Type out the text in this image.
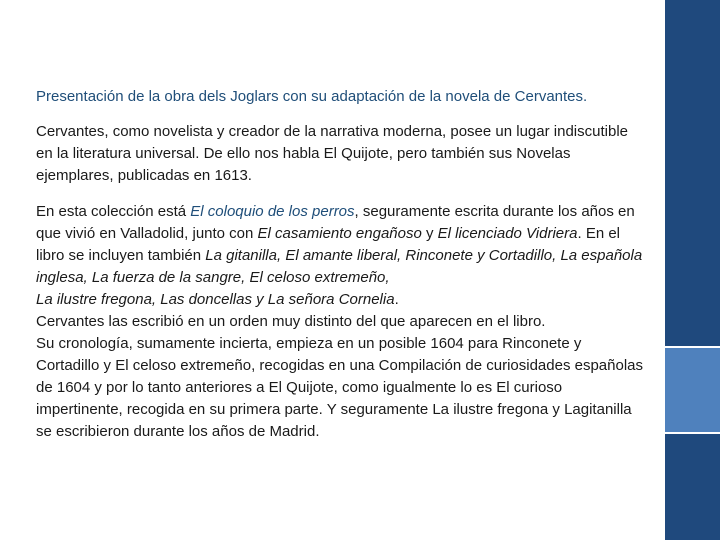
Presentación de la obra dels Joglars con su adaptación de la novela de Cervantes.
Cervantes, como novelista y creador de la narrativa moderna, posee un lugar indiscutible en la literatura universal. De ello nos habla El Quijote, pero también sus Novelas ejemplares, publicadas en 1613.
En esta colección está El coloquio de los perros, seguramente escrita durante los años en que vivió en Valladolid, junto con El casamiento engañoso y El licenciado Vidriera. En el libro se incluyen también La gitanilla, El amante liberal, Rinconete y Cortadillo, La española inglesa, La fuerza de la sangre, El celoso extremeño,
La ilustre fregona, Las doncellas y La señora Cornelia.
Cervantes las escribió en un orden muy distinto del que aparecen en el libro.
Su cronología, sumamente incierta, empieza en un posible 1604 para Rinconete y Cortadillo y El celoso extremeño, recogidas en una Compilación de curiosidades españolas de 1604 y por lo tanto anteriores a El Quijote, como igualmente lo es El curioso impertinente, recogida en su primera parte. Y seguramente La ilustre fregona y Lagitanilla se escribieron durante los años de Madrid.
